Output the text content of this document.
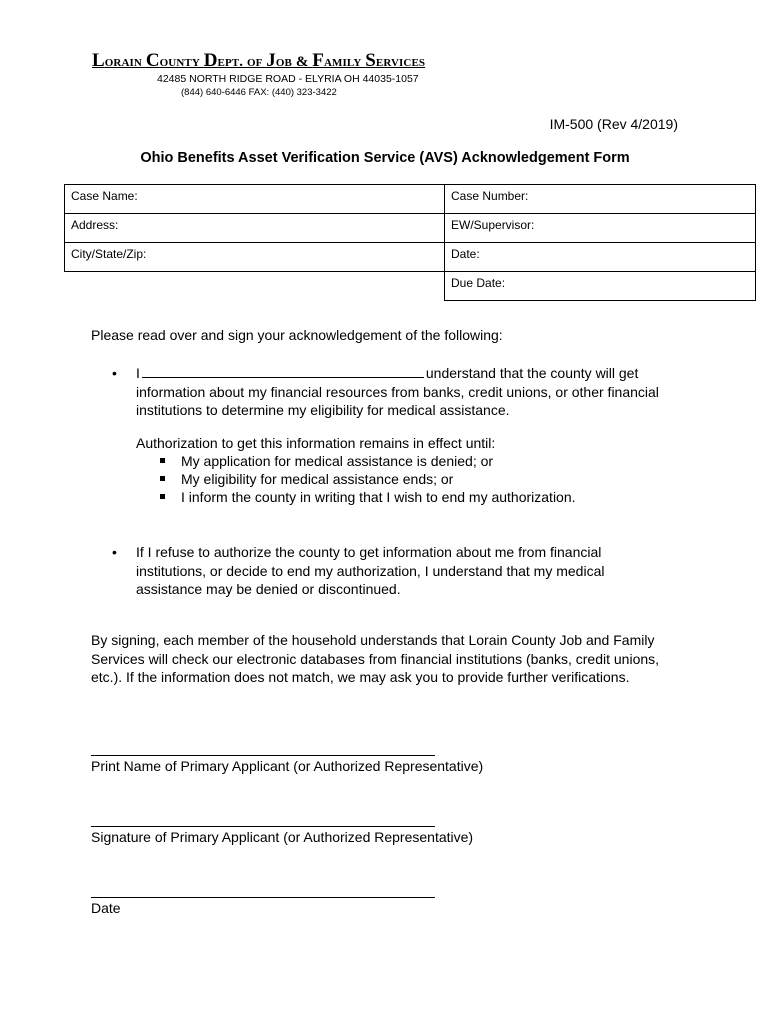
Lorain County Dept. of Job & Family Services
42485 NORTH RIDGE ROAD - ELYRIA OH 44035-1057
(844) 640-6446 FAX: (440) 323-3422
IM-500 (Rev 4/2019)
Ohio Benefits Asset Verification Service (AVS) Acknowledgement Form
Case Name:	Case Number:
Address:	EW/Supervisor:
City/State/Zip:	Date:
	Due Date:
Please read over and sign your acknowledgement of the following:
• I	understand that the county will get information about my financial resources from banks, credit unions, or other financial institutions to determine my eligibility for medical assistance.
Authorization to get this information remains in effect until:
My application for medical assistance is denied; or
My eligibility for medical assistance ends; or
I inform the county in writing that I wish to end my authorization.
• If I refuse to authorize the county to get information about me from financial institutions, or decide to end my authorization, I understand that my medical assistance may be denied or discontinued.
By signing, each member of the household understands that Lorain County Job and Family Services will check our electronic databases from financial institutions (banks, credit unions, etc.). If the information does not match, we may ask you to provide further verifications.
Print Name of Primary Applicant (or Authorized Representative)
Signature of Primary Applicant (or Authorized Representative)
Date
